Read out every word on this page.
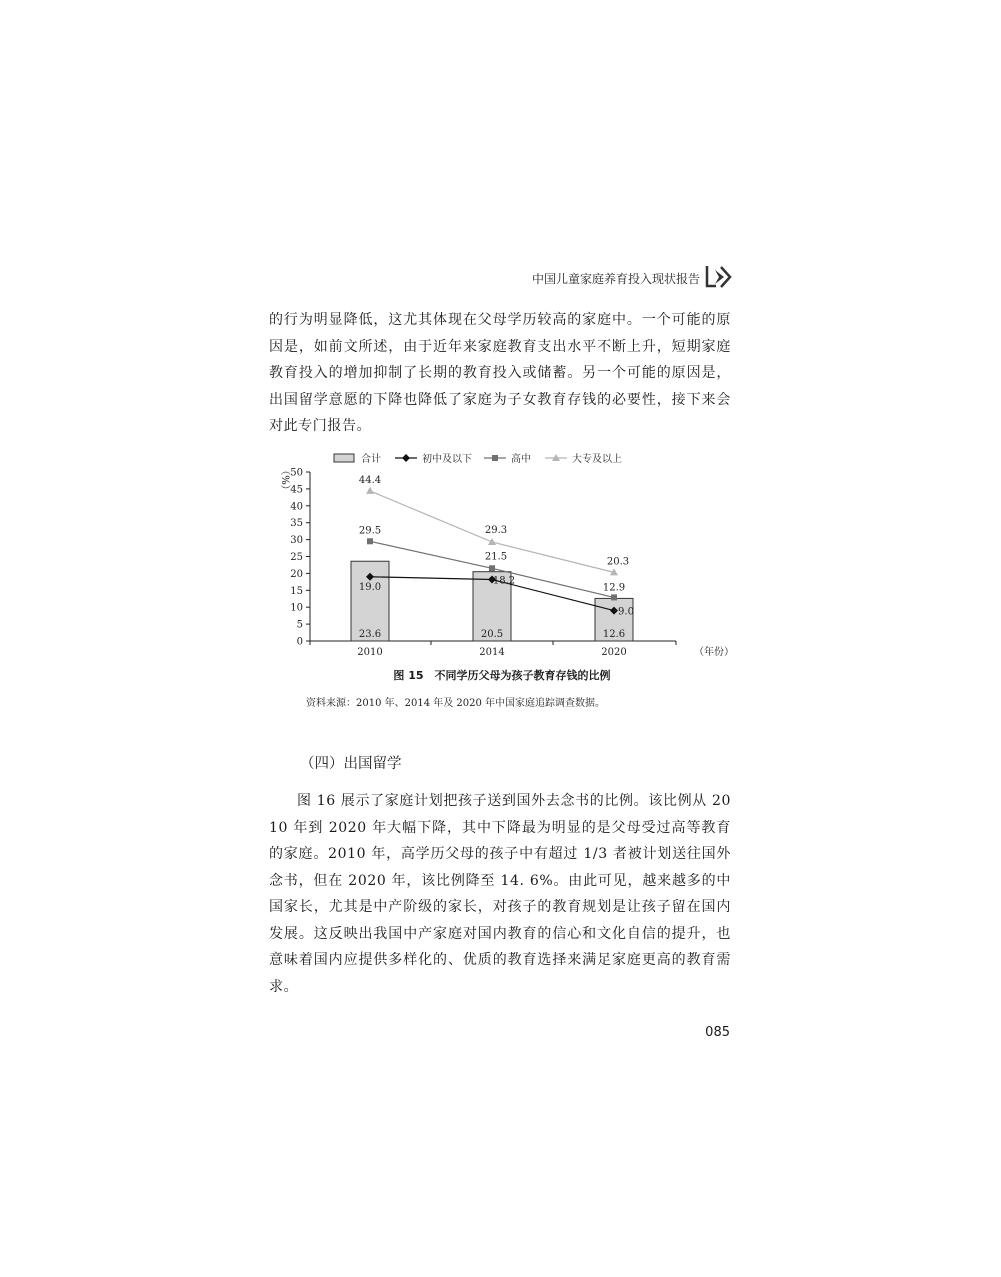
中国儿童家庭养育投入现状报告

的行为明显降低，这尤其体现在父母学历较高的家庭中。一个可能的原因是，如前文所述，由于近年来家庭教育支出水平不断上升，短期家庭教育投入的增加抑制了长期的教育投入或储蓄。另一个可能的原因是，出国留学意愿的下降也降低了家庭为子女教育存钱的必要性，接下来会对此专门报告。

合计	初中及以下	高中	大专及以上
0
5
10
15
20
25
30
35
40
45
50
（%）
2010	2014	2020	（年份）
23.6	20.5	12.6
19.0
18.2
9.0
29.5
21.5
12.9
44.4
29.3
20.3
图 15　不同学历父母为孩子教育存钱的比例
资料来源：2010 年、2014 年及 2020 年中国家庭追踪调查数据。
（四）出国留学

图 16 展示了家庭计划把孩子送到国外去念书的比例。该比例从 2010 年到 2020 年大幅下降，其中下降最为明显的是父母受过高等教育的家庭。2010 年，高学历父母的孩子中有超过 1/3 者被计划送往国外念书，但在 2020 年，该比例降至 14. 6%。由此可见，越来越多的中国家长，尤其是中产阶级的家长，对孩子的教育规划是让孩子留在国内发展。这反映出我国中产家庭对国内教育的信心和文化自信的提升，也意味着国内应提供多样化的、优质的教育选择来满足家庭更高的教育需求。

085
